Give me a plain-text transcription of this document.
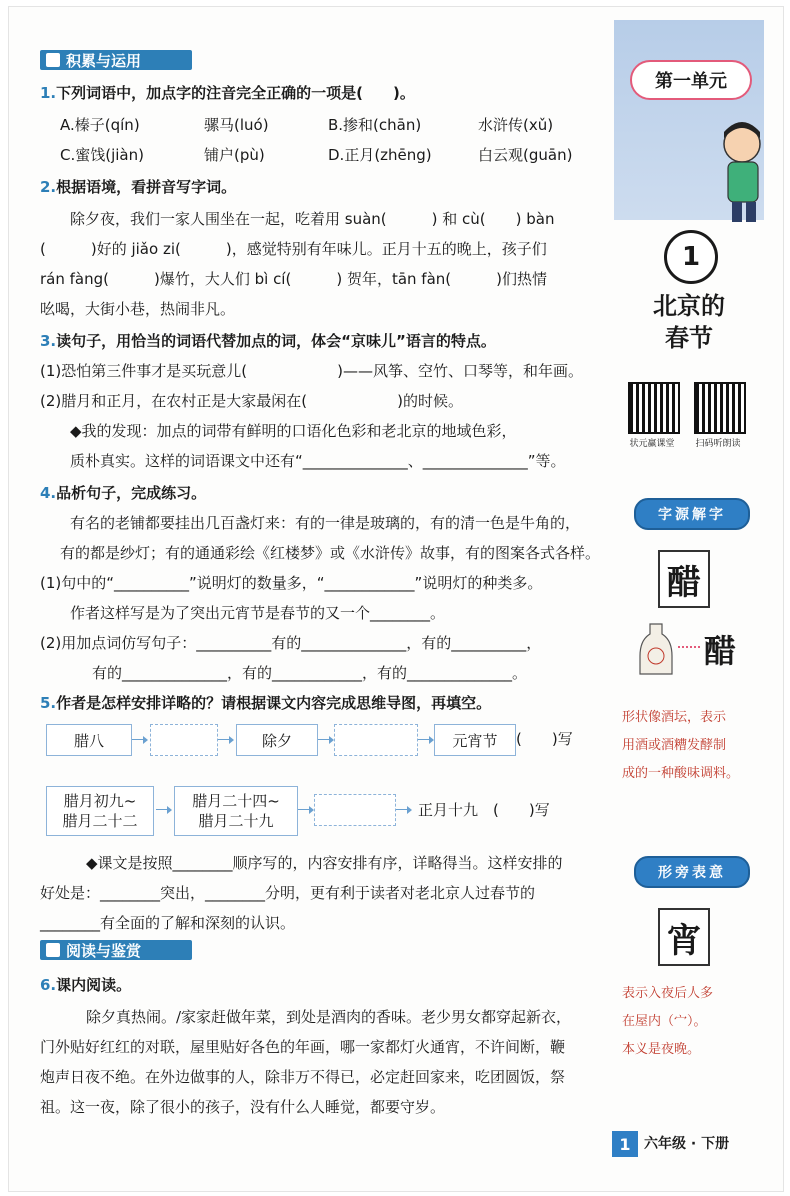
第一单元
1
北京的
春节
状元赢课堂	扫码听朗读
字源解字
醋
醋
形状像酒坛，表示
用酒或酒糟发酵制
成的一种酸味调料。
形旁表意
宵
表示入夜后人多
在屋内（宀）。
本义是夜晚。
1 六年级 · 下册
积累与运用
1.下列词语中，加点字的注音完全正确的一项是(　　)。
A.榛子(qín)	骡马(luó)	B.掺和(chān)	水浒传(xǔ)
C.蜜饯(jiàn)	铺户(pù)	D.正月(zhēng)	白云观(guān)
2.根据语境，看拼音写字词。
除夕夜，我们一家人围坐在一起，吃着用 suàn(　　　) 和 cù(　　) bàn
(　　　)好的 jiǎo zi(　　　)，感觉特别有年味儿。正月十五的晚上，孩子们
rán fàng(　　　)爆竹，大人们 bì cí(　　　) 贺年，tān fàn(　　　)们热情
吆喝，大街小巷，热闹非凡。
3.读句子，用恰当的词语代替加点的词，体会“京味儿”语言的特点。
(1)恐怕第三件事才是买玩意儿(　　　　　　)——风筝、空竹、口琴等，和年画。
(2)腊月和正月，在农村正是大家最闲在(　　　　　　)的时候。
◆我的发现：加点的词带有鲜明的口语化色彩和老北京的地域色彩，
质朴真实。这样的词语课文中还有“______________、______________”等。
4.品析句子，完成练习。
有名的老铺都要挂出几百盏灯来：有的一律是玻璃的，有的清一色是牛角的，
有的都是纱灯；有的通通彩绘《红楼梦》或《水浒传》故事，有的图案各式各样。
(1)句中的“__________”说明灯的数量多，“____________”说明灯的种类多。
作者这样写是为了突出元宵节是春节的又一个________。
(2)用加点词仿写句子：__________有的______________，有的__________，
有的______________，有的____________，有的______________。
5.作者是怎样安排详略的？请根据课文内容完成思维导图，再填空。
腊八	除夕	元宵节	(　　)写
腊月初九~
腊月二十二
腊月二十四~
腊月二十九
正月十九　(　　)写
◆课文是按照________顺序写的，内容安排有序，详略得当。这样安排的
好处是：________突出，________分明，更有利于读者对老北京人过春节的
________有全面的了解和深刻的认识。
阅读与鉴赏
6.课内阅读。
除夕真热闹。/家家赶做年菜，到处是酒肉的香味。老少男女都穿起新衣，
门外贴好红红的对联，屋里贴好各色的年画，哪一家都灯火通宵，不许间断，鞭
炮声日夜不绝。在外边做事的人，除非万不得已，必定赶回家来，吃团圆饭，祭
祖。这一夜，除了很小的孩子，没有什么人睡觉，都要守岁。
